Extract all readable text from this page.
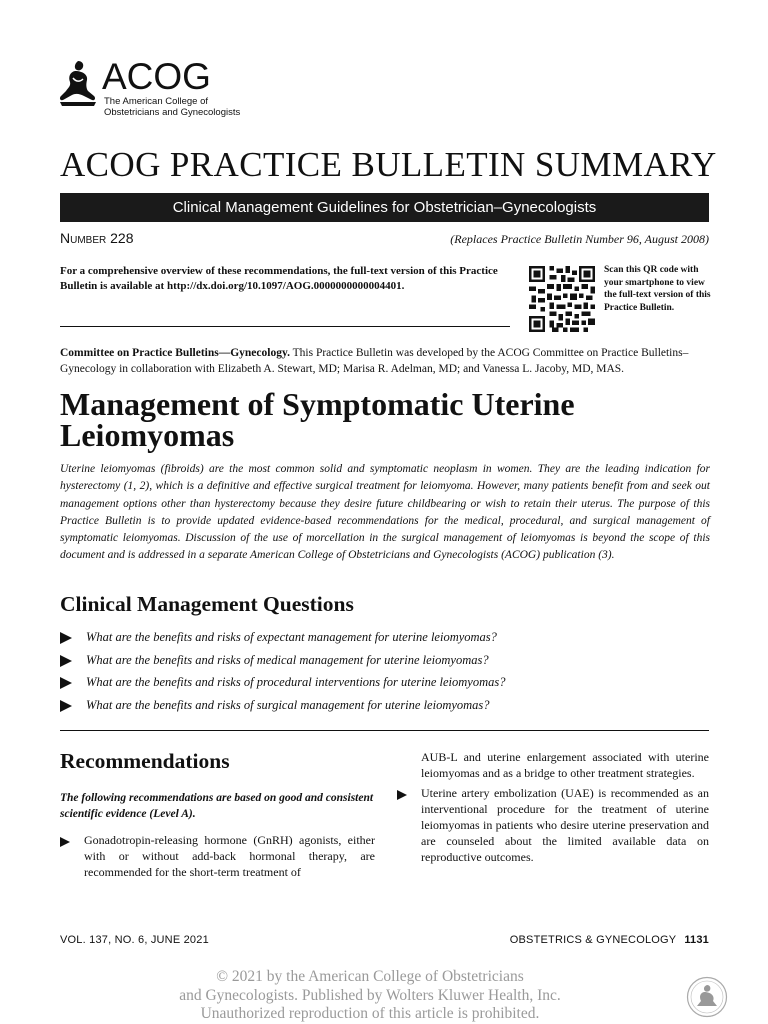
ACOG
The American College of
Obstetricians and Gynecologists
ACOG PRACTICE BULLETIN SUMMARY
Clinical Management Guidelines for Obstetrician–Gynecologists
Number 228	(Replaces Practice Bulletin Number 96, August 2008)
For a comprehensive overview of these recommendations, the full-text version of this Practice Bulletin is available at http://dx.doi.org/10.1097/AOG.0000000000004401.
Scan this QR code with your smartphone to view the full-text version of this Practice Bulletin.
Committee on Practice Bulletins—Gynecology. This Practice Bulletin was developed by the ACOG Committee on Practice Bulletins–Gynecology in collaboration with Elizabeth A. Stewart, MD; Marisa R. Adelman, MD; and Vanessa L. Jacoby, MD, MAS.
Management of Symptomatic Uterine
Leiomyomas
Uterine leiomyomas (fibroids) are the most common solid and symptomatic neoplasm in women. They are the leading indication for hysterectomy (1, 2), which is a definitive and effective surgical treatment for leiomyoma. However, many patients benefit from and seek out management options other than hysterectomy because they desire future childbearing or wish to retain their uterus. The purpose of this Practice Bulletin is to provide updated evidence-based recommendations for the medical, procedural, and surgical management of symptomatic leiomyomas. Discussion of the use of morcellation in the surgical management of leiomyomas is beyond the scope of this document and is addressed in a separate American College of Obstetricians and Gynecologists (ACOG) publication (3).
Clinical Management Questions
What are the benefits and risks of expectant management for uterine leiomyomas?
What are the benefits and risks of medical management for uterine leiomyomas?
What are the benefits and risks of procedural interventions for uterine leiomyomas?
What are the benefits and risks of surgical management for uterine leiomyomas?
Recommendations
The following recommendations are based on good and consistent scientific evidence (Level A).
Gonadotropin-releasing hormone (GnRH) agonists, either with or without add-back hormonal therapy, are recommended for the short-term treatment of
AUB-L and uterine enlargement associated with uterine leiomyomas and as a bridge to other treatment strategies.
Uterine artery embolization (UAE) is recommended as an interventional procedure for the treatment of uterine leiomyomas in patients who desire uterine preservation and are counseled about the limited available data on reproductive outcomes.
VOL. 137, NO. 6, JUNE 2021	OBSTETRICS & GYNECOLOGY 1131
© 2021 by the American College of Obstetricians
and Gynecologists. Published by Wolters Kluwer Health, Inc.
Unauthorized reproduction of this article is prohibited.
